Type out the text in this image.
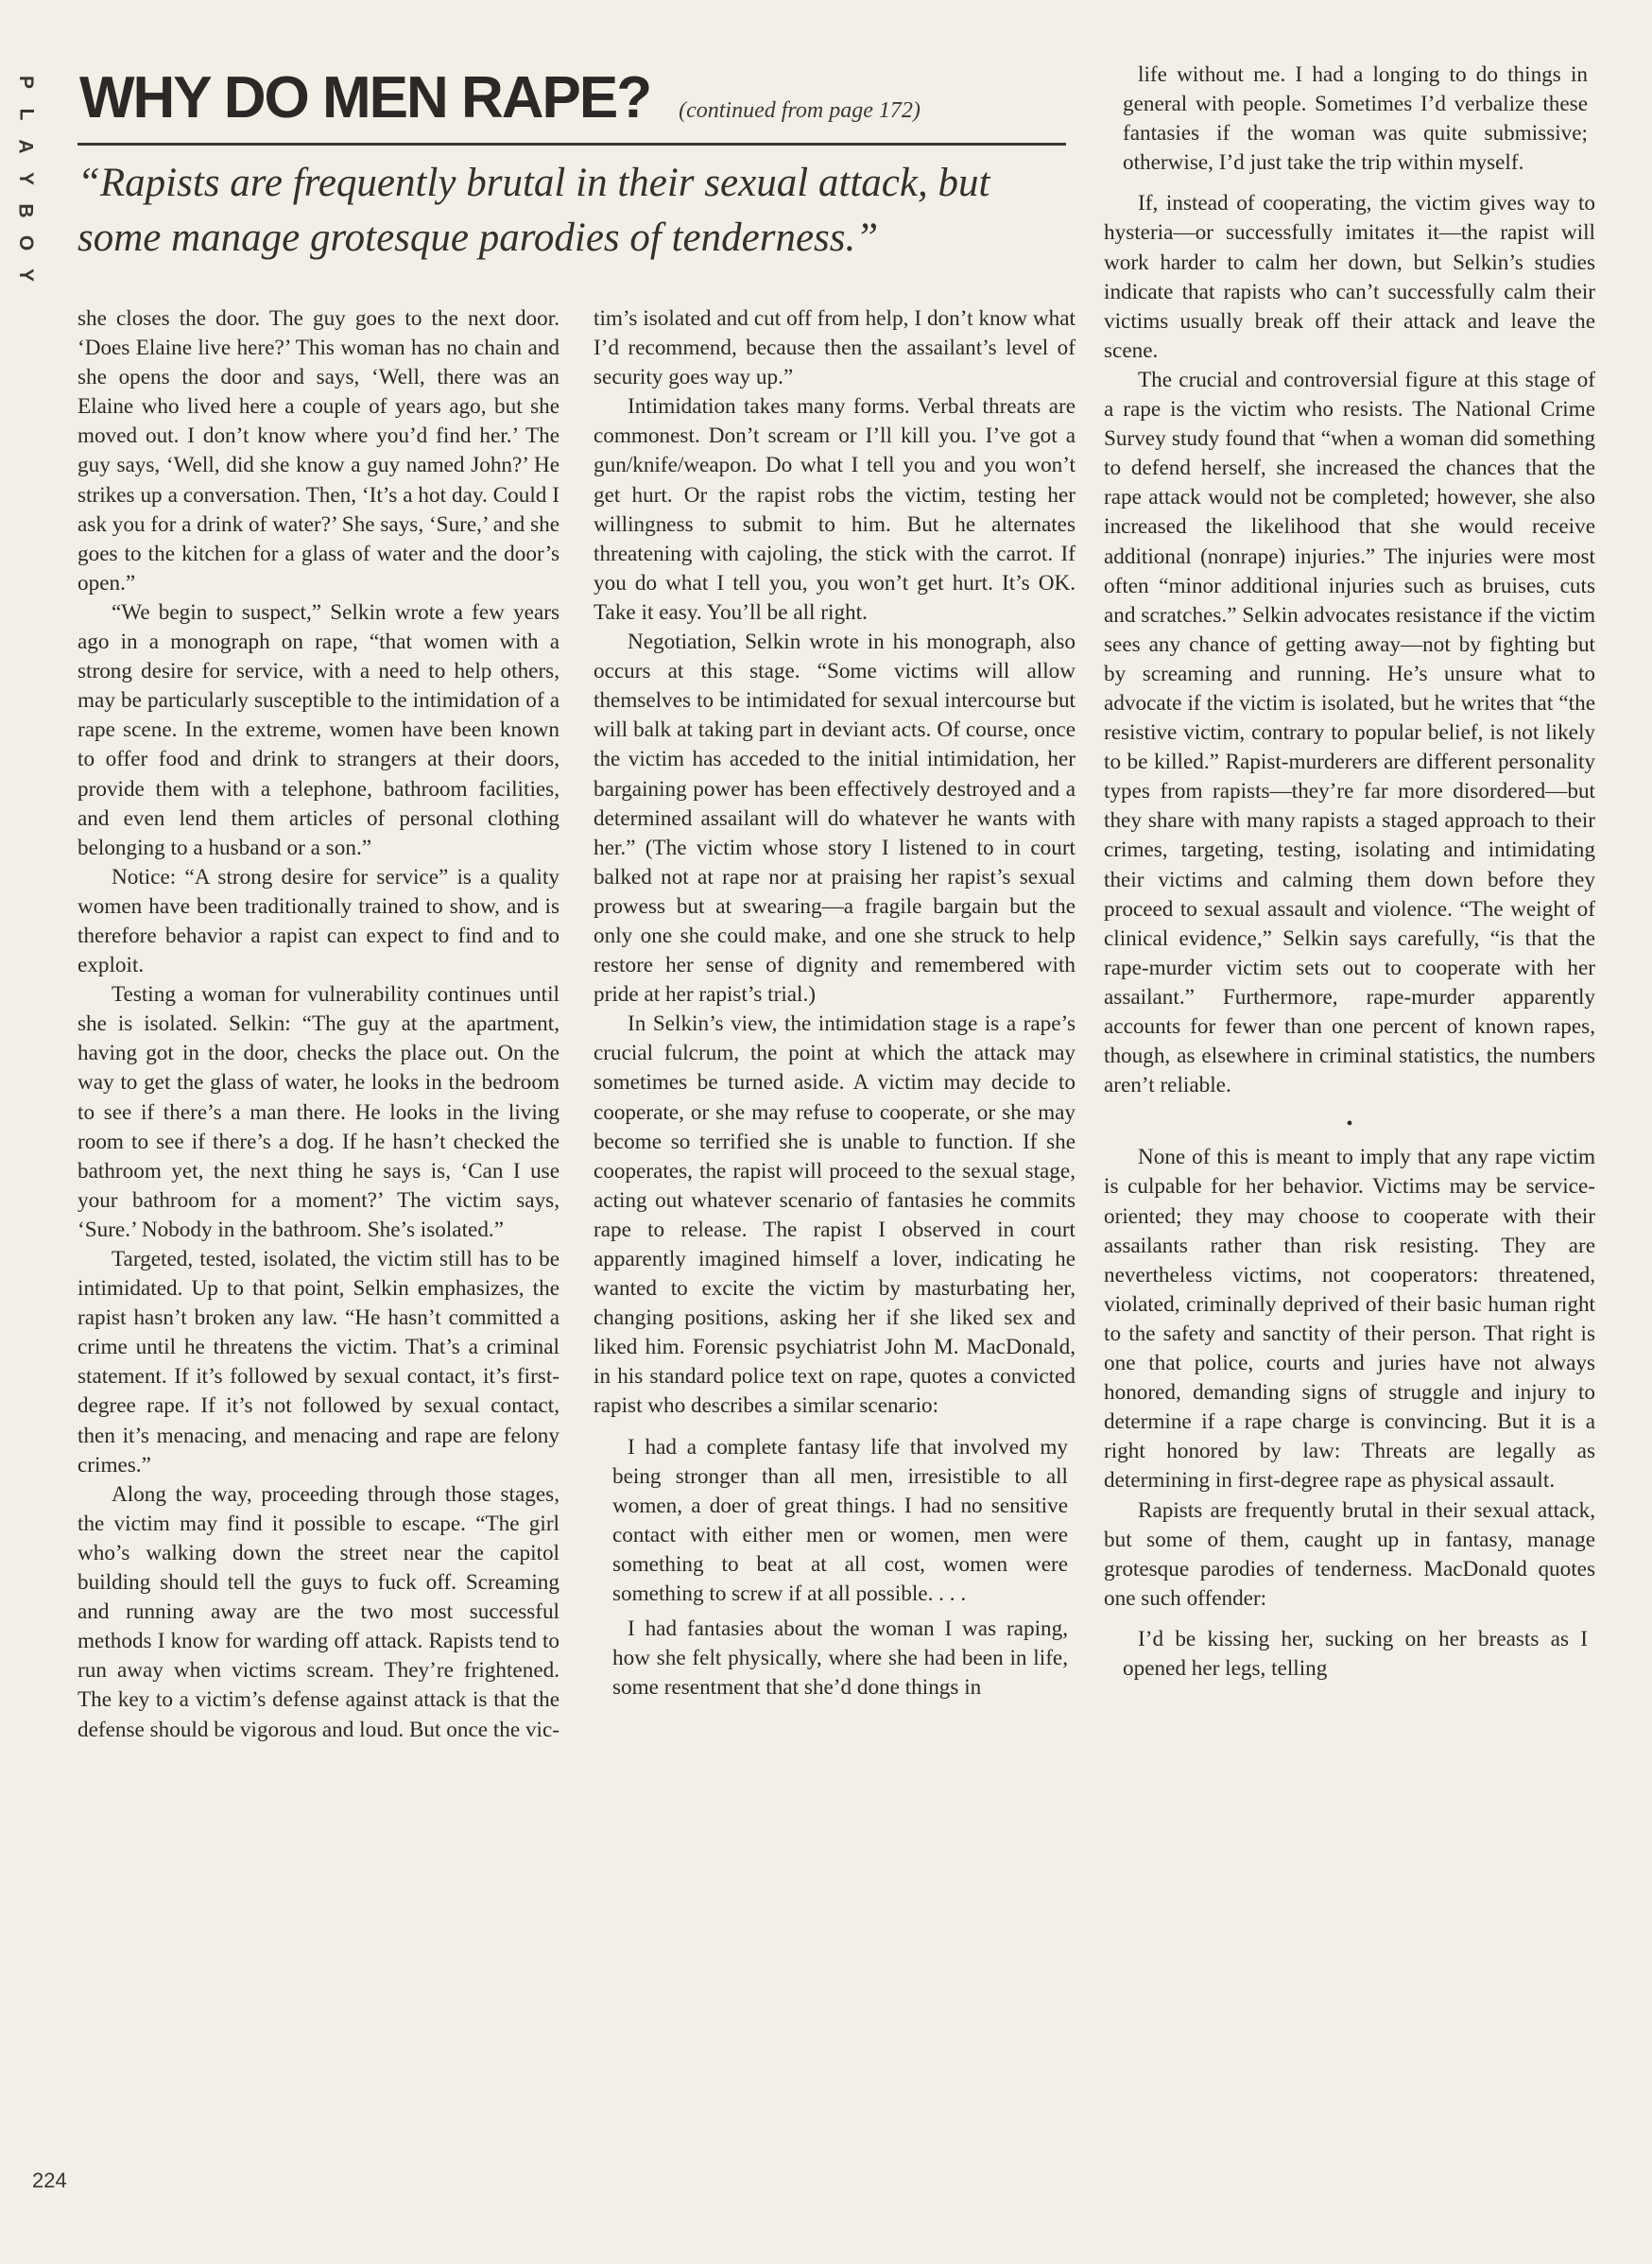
P
L
A
Y
B
O
Y
WHY DO MEN RAPE? (continued from page 172)
“Rapists are frequently brutal in their sexual attack, but some manage grotesque parodies of tenderness.”

she closes the door. The guy goes to the next door. ‘Does Elaine live here?’ This woman has no chain and she opens the door and says, ‘Well, there was an Elaine who lived here a couple of years ago, but she moved out. I don’t know where you’d find her.’ The guy says, ‘Well, did she know a guy named John?’ He strikes up a conversation. Then, ‘It’s a hot day. Could I ask you for a drink of water?’ She says, ‘Sure,’ and she goes to the kitchen for a glass of water and the door’s open.”

“We begin to suspect,” Selkin wrote a few years ago in a monograph on rape, “that women with a strong desire for service, with a need to help others, may be particularly susceptible to the intimidation of a rape scene. In the extreme, women have been known to offer food and drink to strangers at their doors, provide them with a telephone, bathroom facilities, and even lend them articles of personal clothing belonging to a husband or a son.”

Notice: “A strong desire for service” is a quality women have been traditionally trained to show, and is therefore behavior a rapist can expect to find and to exploit.

Testing a woman for vulnerability continues until she is isolated. Selkin: “The guy at the apartment, having got in the door, checks the place out. On the way to get the glass of water, he looks in the bedroom to see if there’s a man there. He looks in the living room to see if there’s a dog. If he hasn’t checked the bathroom yet, the next thing he says is, ‘Can I use your bathroom for a moment?’ The victim says, ‘Sure.’ Nobody in the bathroom. She’s isolated.”

Targeted, tested, isolated, the victim still has to be intimidated. Up to that point, Selkin emphasizes, the rapist hasn’t broken any law. “He hasn’t committed a crime until he threatens the victim. That’s a criminal statement. If it’s followed by sexual contact, it’s first-degree rape. If it’s not followed by sexual contact, then it’s menacing, and menacing and rape are felony crimes.”

Along the way, proceeding through those stages, the victim may find it possible to escape. “The girl who’s walking down the street near the capitol building should tell the guys to fuck off. Screaming and running away are the two most successful methods I know for warding off attack. Rapists tend to run away when victims scream. They’re frightened. The key to a victim’s defense against attack is that the defense should be vigorous and loud. But once the vic-

tim’s isolated and cut off from help, I don’t know what I’d recommend, because then the assailant’s level of security goes way up.”

Intimidation takes many forms. Verbal threats are commonest. Don’t scream or I’ll kill you. I’ve got a gun/knife/weapon. Do what I tell you and you won’t get hurt. Or the rapist robs the victim, testing her willingness to submit to him. But he alternates threatening with cajoling, the stick with the carrot. If you do what I tell you, you won’t get hurt. It’s OK. Take it easy. You’ll be all right.

Negotiation, Selkin wrote in his monograph, also occurs at this stage. “Some victims will allow themselves to be intimidated for sexual intercourse but will balk at taking part in deviant acts. Of course, once the victim has acceded to the initial intimidation, her bargaining power has been effectively destroyed and a determined assailant will do whatever he wants with her.” (The victim whose story I listened to in court balked not at rape nor at praising her rapist’s sexual prowess but at swearing—a fragile bargain but the only one she could make, and one she struck to help restore her sense of dignity and remembered with pride at her rapist’s trial.)

In Selkin’s view, the intimidation stage is a rape’s crucial fulcrum, the point at which the attack may sometimes be turned aside. A victim may decide to cooperate, or she may refuse to cooperate, or she may become so terrified she is unable to function. If she cooperates, the rapist will proceed to the sexual stage, acting out whatever scenario of fantasies he commits rape to release. The rapist I observed in court apparently imagined himself a lover, indicating he wanted to excite the victim by masturbating her, changing positions, asking her if she liked sex and liked him. Forensic psychiatrist John M. MacDonald, in his standard police text on rape, quotes a convicted rapist who describes a similar scenario:

I had a complete fantasy life that involved my being stronger than all men, irresistible to all women, a doer of great things. I had no sensitive contact with either men or women, men were something to beat at all cost, women were something to screw if at all possible. . . .

I had fantasies about the woman I was raping, how she felt physically, where she had been in life, some resentment that she’d done things in

life without me. I had a longing to do things in general with people. Sometimes I’d verbalize these fantasies if the woman was quite submissive; otherwise, I’d just take the trip within myself.

If, instead of cooperating, the victim gives way to hysteria—or successfully imitates it—the rapist will work harder to calm her down, but Selkin’s studies indicate that rapists who can’t successfully calm their victims usually break off their attack and leave the scene.

The crucial and controversial figure at this stage of a rape is the victim who resists. The National Crime Survey study found that “when a woman did something to defend herself, she increased the chances that the rape attack would not be completed; however, she also increased the likelihood that she would receive additional (nonrape) injuries.” The injuries were most often “minor additional injuries such as bruises, cuts and scratches.” Selkin advocates resistance if the victim sees any chance of getting away—not by fighting but by screaming and running. He’s unsure what to advocate if the victim is isolated, but he writes that “the resistive victim, contrary to popular belief, is not likely to be killed.” Rapist-murderers are different personality types from rapists—they’re far more disordered—but they share with many rapists a staged approach to their crimes, targeting, testing, isolating and intimidating their victims and calming them down before they proceed to sexual assault and violence. “The weight of clinical evidence,” Selkin says carefully, “is that the rape-murder victim sets out to cooperate with her assailant.” Furthermore, rape-murder apparently accounts for fewer than one percent of known rapes, though, as elsewhere in criminal statistics, the numbers aren’t reliable.

•

None of this is meant to imply that any rape victim is culpable for her behavior. Victims may be service-oriented; they may choose to cooperate with their assailants rather than risk resisting. They are nevertheless victims, not cooperators: threatened, violated, criminally deprived of their basic human right to the safety and sanctity of their person. That right is one that police, courts and juries have not always honored, demanding signs of struggle and injury to determine if a rape charge is convincing. But it is a right honored by law: Threats are legally as determining in first-degree rape as physical assault.

Rapists are frequently brutal in their sexual attack, but some of them, caught up in fantasy, manage grotesque parodies of tenderness. MacDonald quotes one such offender:

I’d be kissing her, sucking on her breasts as I opened her legs, telling

224
